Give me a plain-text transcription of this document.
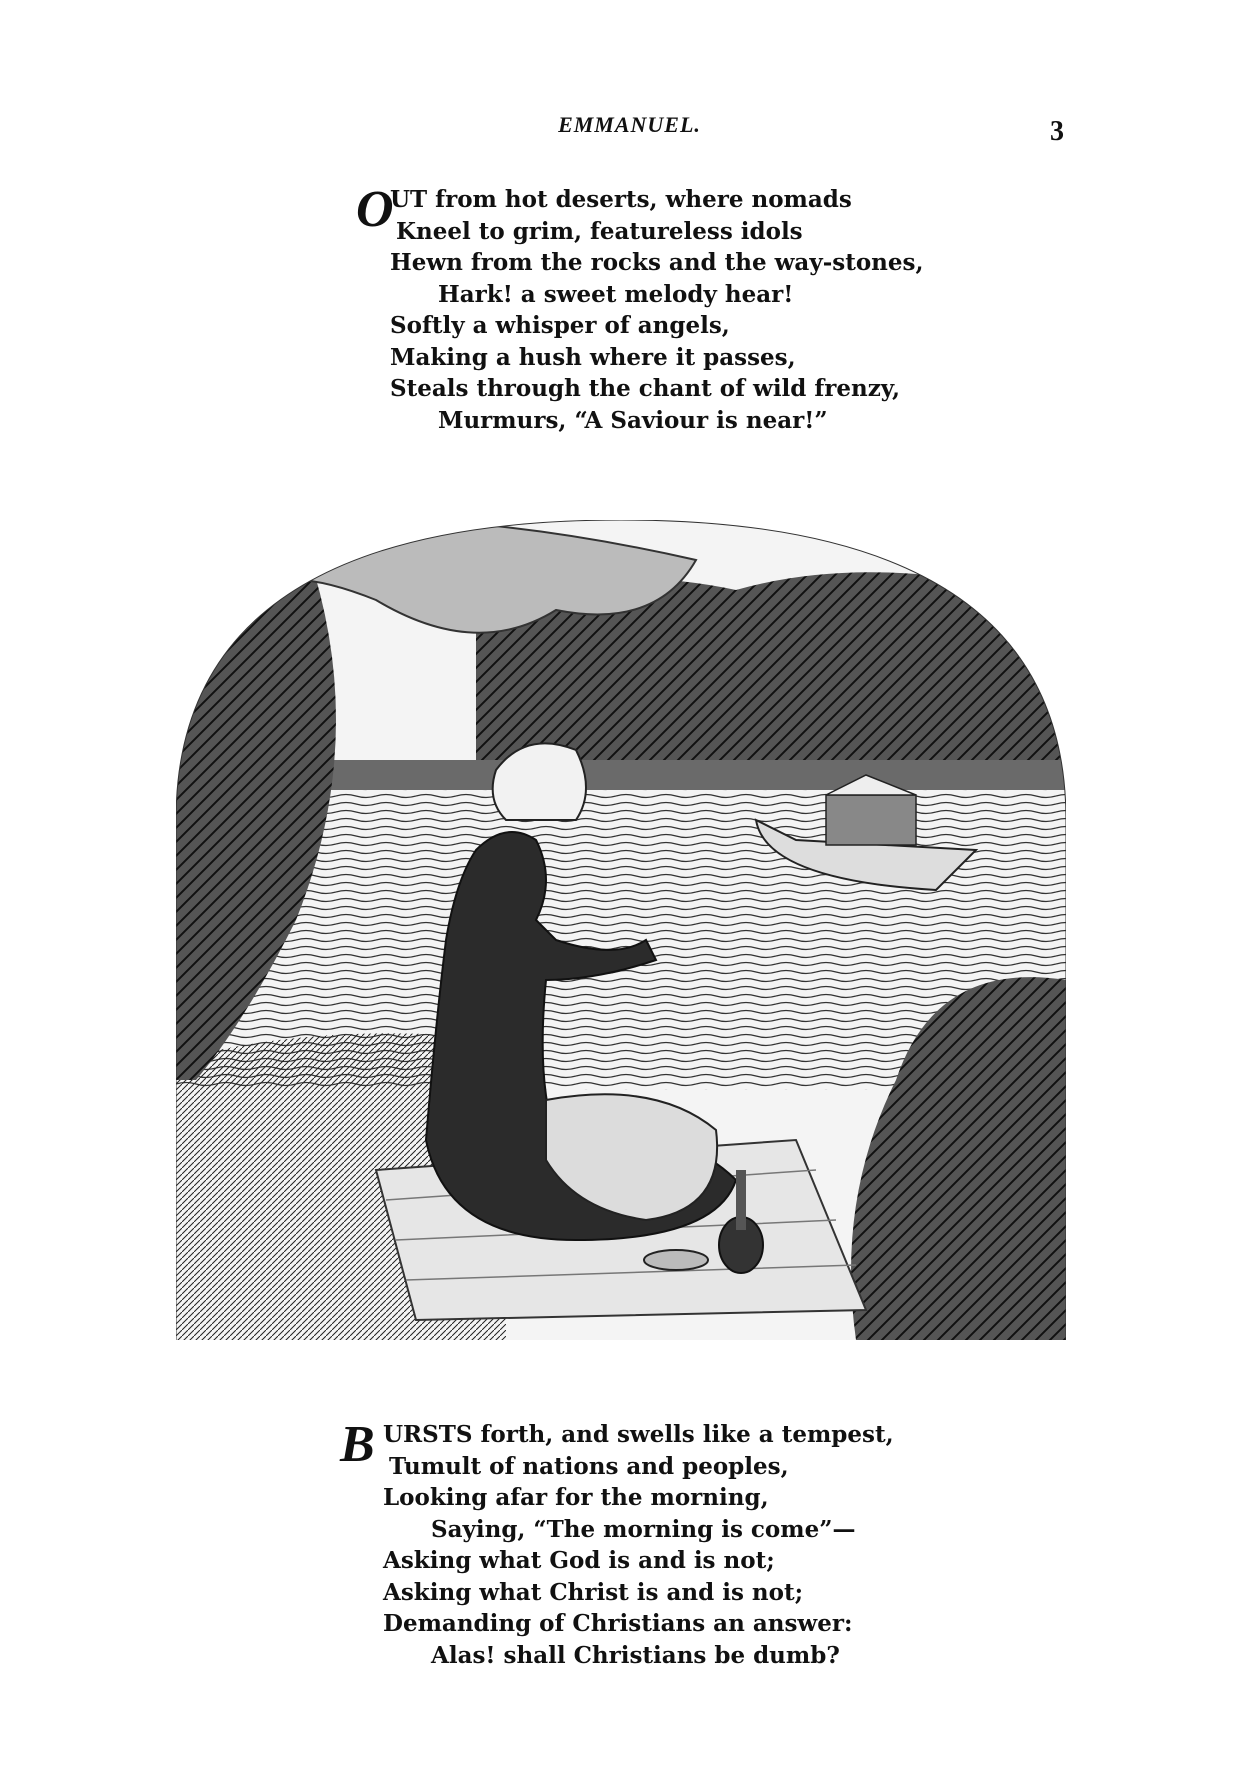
EMMANUEL.	3
O
UT from hot deserts, where nomads
Kneel to grim, featureless idols
Hewn from the rocks and the way-stones,
Hark! a sweet melody hear!
Softly a whisper of angels,
Making a hush where it passes,
Steals through the chant of wild frenzy,
Murmurs, “A Saviour is near!”
B URSTS forth, and swells like a tempest,
Tumult of nations and peoples,
Looking afar for the morning,
Saying, “The morning is come”—
Asking what God is and is not;
Asking what Christ is and is not;
Demanding of Christians an answer:
Alas! shall Christians be dumb?
